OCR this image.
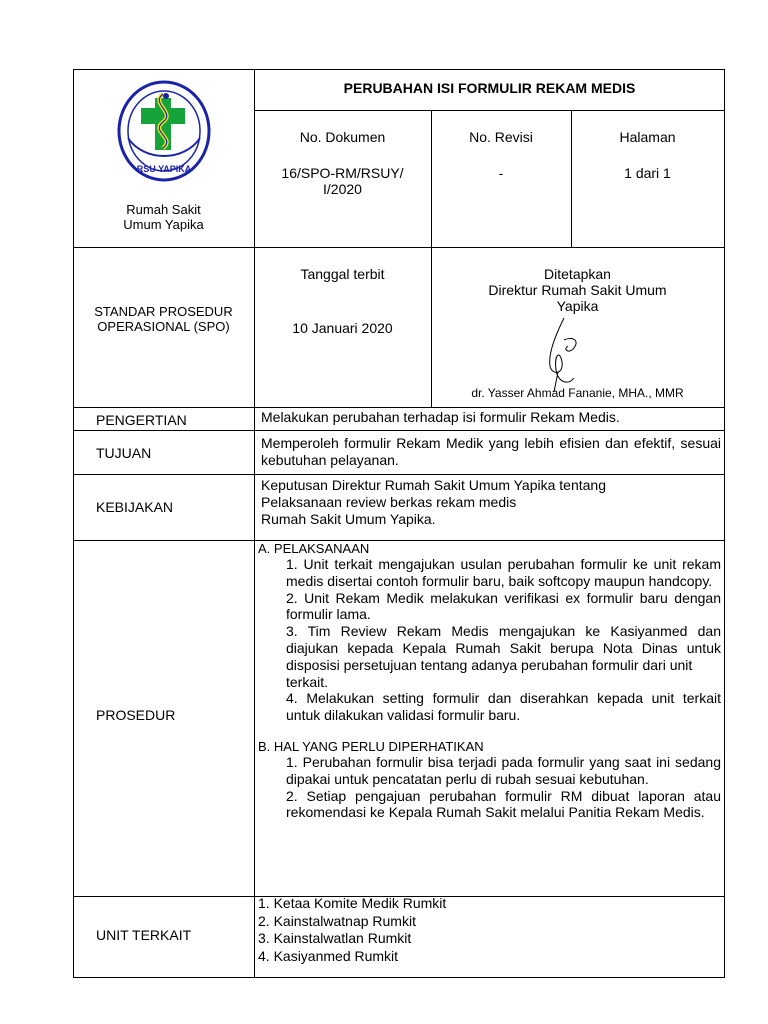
RSU YAPIKA
Rumah Sakit
Umum Yapika
PERUBAHAN ISI FORMULIR REKAM MEDIS
No. Dokumen
16/SPO-RM/RSUY/
I/2020
No. Revisi
-
Halaman
1 dari 1
STANDAR PROSEDUR
OPERASIONAL (SPO)
Tanggal terbit
10 Januari 2020
Ditetapkan
Direktur Rumah Sakit Umum
Yapika
dr. Yasser Ahmad Fananie, MHA., MMR
PENGERTIAN	Melakukan perubahan terhadap isi formulir Rekam Medis.
TUJUAN
Memperoleh formulir Rekam Medik yang lebih efisien dan efektif, sesuai kebutuhan pelayanan.
KEBIJAKAN
Keputusan Direktur Rumah Sakit Umum Yapika tentang
Pelaksanaan review berkas rekam medis
Rumah Sakit Umum Yapika.
PROSEDUR

A. PELAKSANAAN

1. Unit terkait mengajukan usulan perubahan formulir ke unit rekam medis disertai contoh formulir baru, baik softcopy maupun handcopy.

2. Unit Rekam Medik melakukan verifikasi ex formulir baru dengan formulir lama.

3. Tim Review Rekam Medis mengajukan ke Kasiyanmed dan diajukan kepada Kepala Rumah Sakit berupa Nota Dinas untuk disposisi persetujuan tentang adanya perubahan formulir dari unit

terkait.

4. Melakukan setting formulir dan diserahkan kepada unit terkait untuk dilakukan validasi formulir baru.

B. HAL YANG PERLU DIPERHATIKAN

1. Perubahan formulir bisa terjadi pada formulir yang saat ini sedang dipakai untuk pencatatan perlu di rubah sesuai kebutuhan.

2. Setiap pengajuan perubahan formulir RM dibuat laporan atau rekomendasi ke Kepala Rumah Sakit melalui Panitia Rekam Medis.

UNIT TERKAIT
1. Ketaa Komite Medik Rumkit
2. Kainstalwatnap Rumkit
3. Kainstalwatlan Rumkit
4. Kasiyanmed Rumkit
